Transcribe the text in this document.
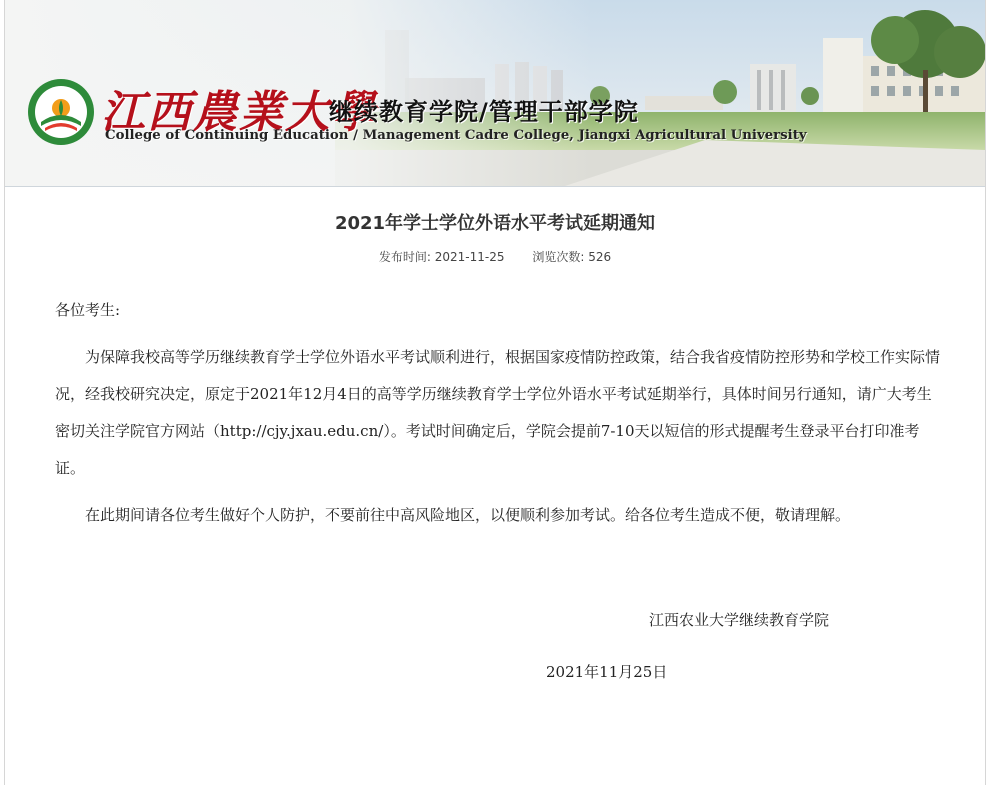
江西農業大學
继续教育学院/管理干部学院
College of Continuing Education / Management Cadre College, Jiangxi Agricultural University
2021年学士学位外语水平考试延期通知
发布时间: 2021-11-25 浏览次数: 526

各位考生:

为保障我校高等学历继续教育学士学位外语水平考试顺利进行，根据国家疫情防控政策，结合我省疫情防控形势和学校工作实际情况，经我校研究决定，原定于2021年12月4日的高等学历继续教育学士学位外语水平考试延期举行，具体时间另行通知，请广大考生密切关注学院官方网站（http://cjy.jxau.edu.cn/）。考试时间确定后，学院会提前7-10天以短信的形式提醒考生登录平台打印准考证。

在此期间请各位考生做好个人防护，不要前往中高风险地区，以便顺利参加考试。给各位考生造成不便，敬请理解。

江西农业大学继续教育学院
2021年11月25日
